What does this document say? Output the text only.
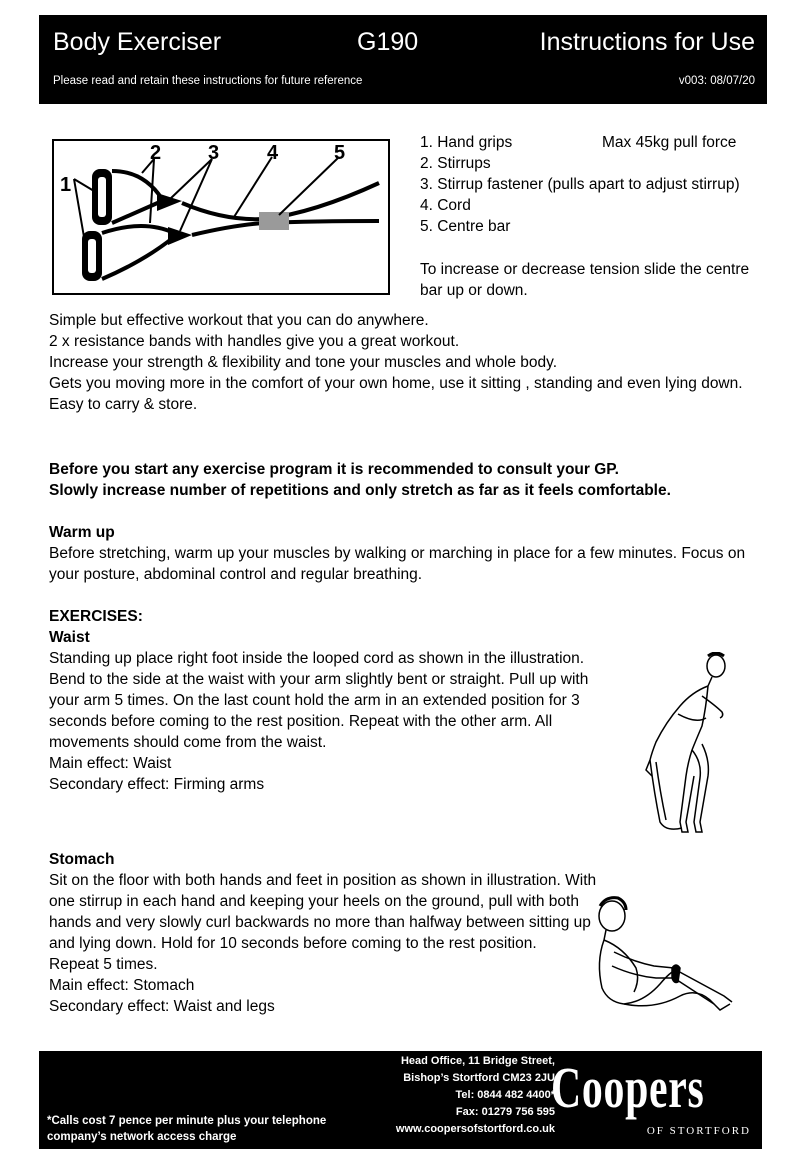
Body Exerciser	G190	Instructions for Use
Please read and retain these instructions for future reference	v003: 08/07/20
1
2 3 4	5	1. Hand grips
2. Stirrups
3. Stirrup fastener (pulls apart to adjust stirrup)
4. Cord
5. Centre bar
Max 45kg pull force
To increase or decrease tension slide the centre bar up or down.

Simple but effective workout that you can do anywhere.

2 x resistance bands with handles give you a great workout.

Increase your strength & flexibility and tone your muscles and whole body.

Gets you moving more in the comfort of your own home, use it sitting , standing and even lying down.

Easy to carry & store.

Before you start any exercise program it is recommended to consult your GP.

Slowly increase number of repetitions and only stretch as far as it feels comfortable.

Warm up

Before stretching, warm up your muscles by walking or marching in place for a few minutes. Focus on your posture, abdominal control and regular breathing.

EXERCISES:

Waist

Standing up place right foot inside the looped cord as shown in the illustration. Bend to the side at the waist with your arm slightly bent or straight. Pull up with your arm 5 times. On the last count hold the arm in an extended position for 3 seconds before coming to the rest position. Repeat with the other arm. All movements should come from the waist.

Main effect: Waist

Secondary effect: Firming arms

Stomach

Sit on the floor with both hands and feet in position as shown in illustration. With one stirrup in each hand and keeping your heels on the ground, pull with both hands and very slowly curl backwards no more than halfway between sitting up and lying down. Hold for 10 seconds before coming to the rest position.

Repeat 5 times.

Main effect: Stomach

Secondary effect: Waist and legs

Head Office, 11 Bridge Street,
Bishop’s Stortford CM23 2JU
Tel: 0844 482 4400*
Fax: 01279 756 595
www.coopersofstortford.co.uk
*Calls cost 7 pence per minute plus your telephone company’s network access charge
Coopers
OF STORTFORD
